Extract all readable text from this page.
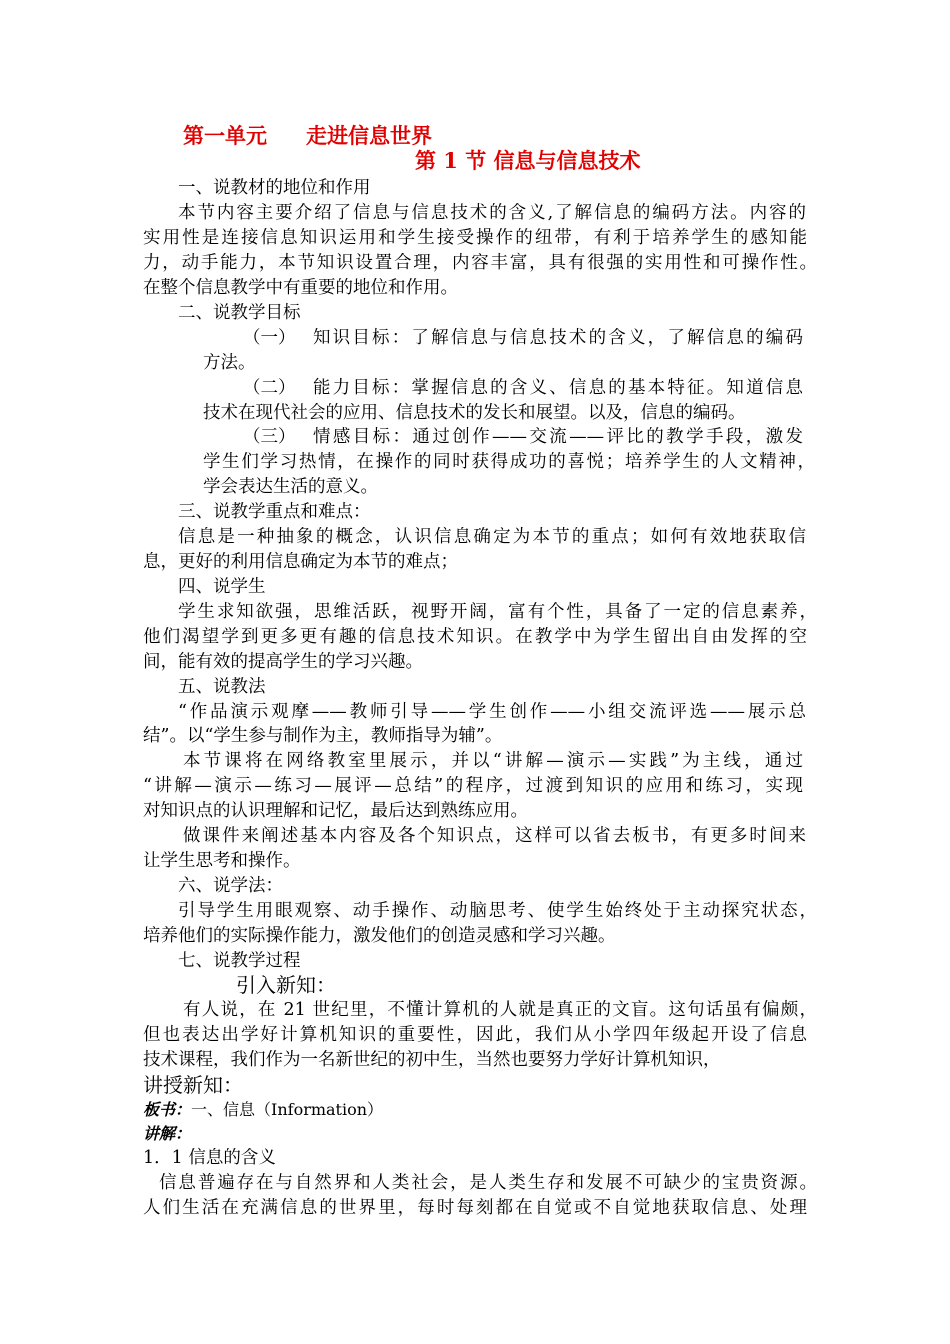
第一单元 走进信息世界
第 1 节 信息与信息技术
一、说教材的地位和作用
本节内容主要介绍了信息与信息技术的含义,了解信息的编码方法。内容的
实用性是连接信息知识运用和学生接受操作的纽带，有利于培养学生的感知能
力，动手能力，本节知识设置合理，内容丰富，具有很强的实用性和可操作性。
在整个信息教学中有重要的地位和作用。
二、说教学目标
（一） 知识目标：了解信息与信息技术的含义，了解信息的编码
方法。
（二） 能力目标：掌握信息的含义、信息的基本特征。知道信息
技术在现代社会的应用、信息技术的发长和展望。以及，信息的编码。
（三） 情感目标：通过创作——交流——评比的教学手段，激发
学生们学习热情，在操作的同时获得成功的喜悦；培养学生的人文精神，
学会表达生活的意义。
三、说教学重点和难点：
信息是一种抽象的概念，认识信息确定为本节的重点；如何有效地获取信
息，更好的利用信息确定为本节的难点；
四、说学生
学生求知欲强，思维活跃，视野开阔，富有个性，具备了一定的信息素养，
他们渴望学到更多更有趣的信息技术知识。在教学中为学生留出自由发挥的空
间，能有效的提高学生的学习兴趣。
五、说教法
“作品演示观摩——教师引导——学生创作——小组交流评选——展示总
结”。以“学生参与制作为主，教师指导为辅”。
本节课将在网络教室里展示，并以“讲解—演示—实践”为主线，通过
“讲解—演示—练习—展评—总结”的程序，过渡到知识的应用和练习，实现
对知识点的认识理解和记忆，最后达到熟练应用。
做课件来阐述基本内容及各个知识点，这样可以省去板书，有更多时间来
让学生思考和操作。
六、说学法：
引导学生用眼观察、动手操作、动脑思考、使学生始终处于主动探究状态，
培养他们的实际操作能力，激发他们的创造灵感和学习兴趣。
七、说教学过程
引入新知：
有人说，在 21 世纪里，不懂计算机的人就是真正的文盲。这句话虽有偏颇，
但也表达出学好计算机知识的重要性，因此，我们从小学四年级起开设了信息
技术课程，我们作为一名新世纪的初中生，当然也要努力学好计算机知识，
讲授新知：
板书：一、信息（Information）
讲解：
1．1 信息的含义
信息普遍存在与自然界和人类社会，是人类生存和发展不可缺少的宝贵资源。
人们生活在充满信息的世界里，每时每刻都在自觉或不自觉地获取信息、处理
